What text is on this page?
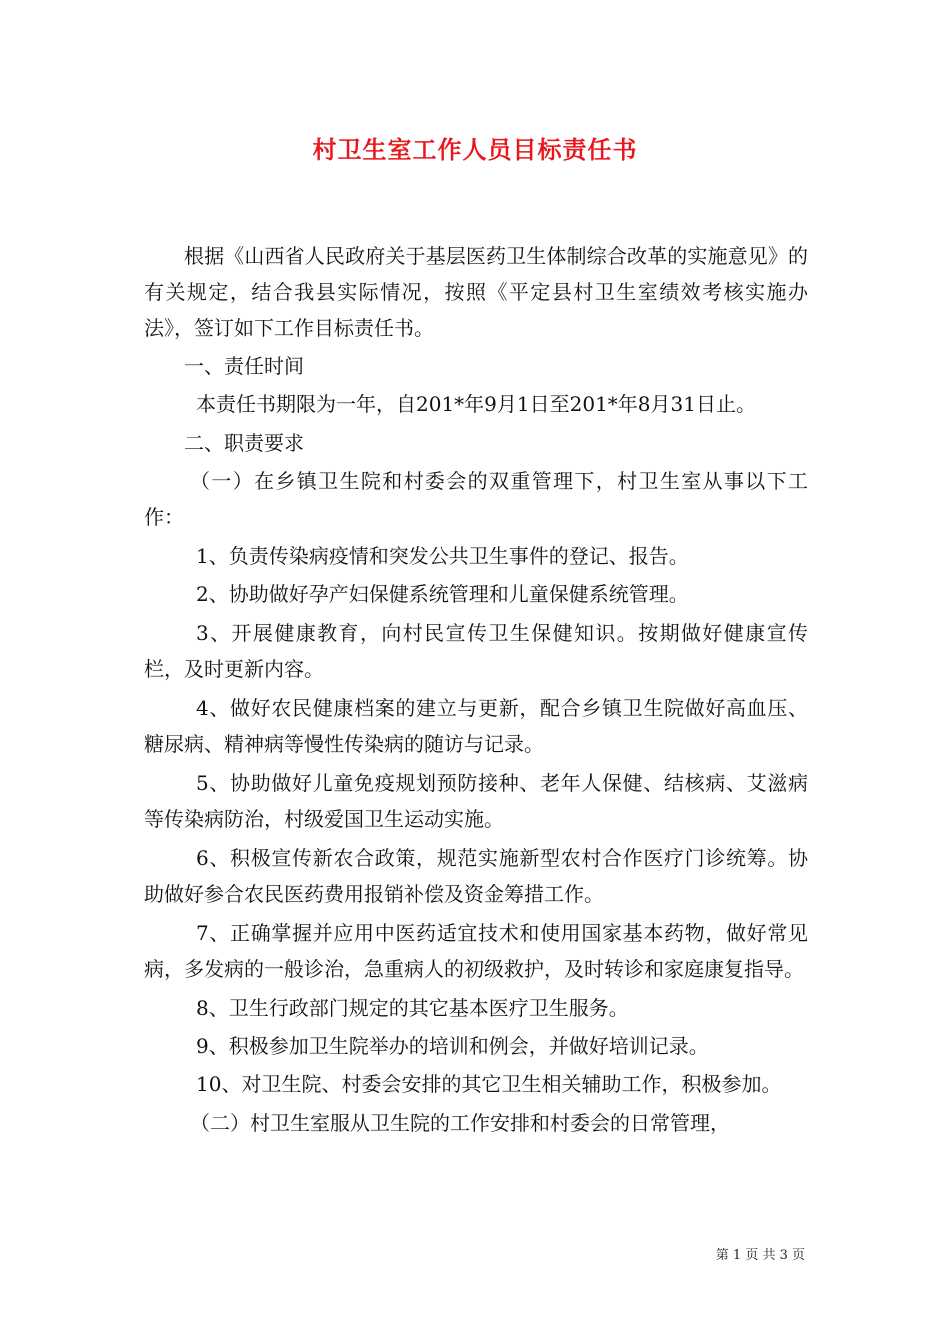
村卫生室工作人员目标责任书

根据《山西省人民政府关于基层医药卫生体制综合改革的实施意见》的有关规定，结合我县实际情况，按照《平定县村卫生室绩效考核实施办法》，签订如下工作目标责任书。

一、责任时间

本责任书期限为一年，自201*年9月1日至201*年8月31日止。

二、职责要求

（一）在乡镇卫生院和村委会的双重管理下，村卫生室从事以下工作：

1、负责传染病疫情和突发公共卫生事件的登记、报告。

2、协助做好孕产妇保健系统管理和儿童保健系统管理。

3、开展健康教育，向村民宣传卫生保健知识。按期做好健康宣传栏，及时更新内容。

4、做好农民健康档案的建立与更新，配合乡镇卫生院做好高血压、糖尿病、精神病等慢性传染病的随访与记录。

5、协助做好儿童免疫规划预防接种、老年人保健、结核病、艾滋病等传染病防治，村级爱国卫生运动实施。

6、积极宣传新农合政策，规范实施新型农村合作医疗门诊统筹。协助做好参合农民医药费用报销补偿及资金筹措工作。

7、正确掌握并应用中医药适宜技术和使用国家基本药物，做好常见病，多发病的一般诊治，急重病人的初级救护，及时转诊和家庭康复指导。

8、卫生行政部门规定的其它基本医疗卫生服务。

9、积极参加卫生院举办的培训和例会，并做好培训记录。

10、对卫生院、村委会安排的其它卫生相关辅助工作，积极参加。

（二）村卫生室服从卫生院的工作安排和村委会的日常管理，

第 1 页 共 3 页
